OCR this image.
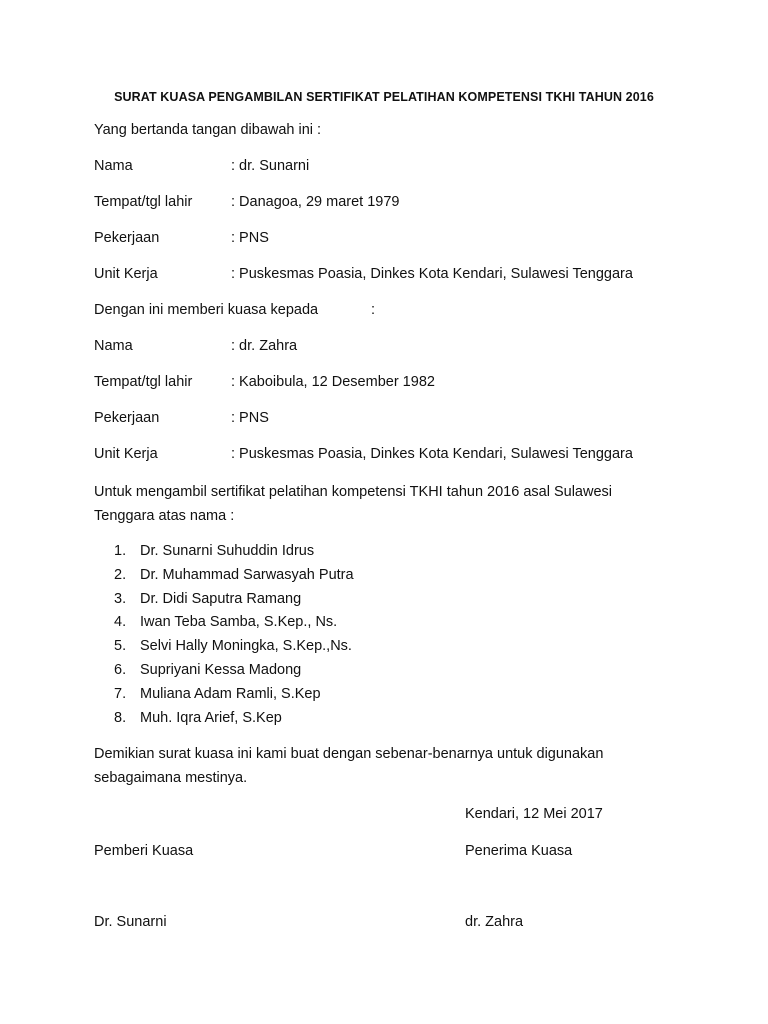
SURAT KUASA PENGAMBILAN SERTIFIKAT PELATIHAN KOMPETENSI TKHI TAHUN 2016
Yang bertanda tangan dibawah ini :
Nama	: dr. Sunarni
Tempat/tgl lahir	: Danagoa, 29 maret 1979
Pekerjaan	: PNS
Unit Kerja	: Puskesmas Poasia, Dinkes Kota Kendari, Sulawesi Tenggara
Dengan ini memberi kuasa kepada	:
Nama	: dr. Zahra
Tempat/tgl lahir	: Kaboibula, 12 Desember 1982
Pekerjaan	: PNS
Unit Kerja	: Puskesmas Poasia, Dinkes Kota Kendari, Sulawesi Tenggara
Untuk mengambil sertifikat pelatihan kompetensi TKHI tahun 2016 asal Sulawesi Tenggara atas nama :
1. Dr. Sunarni Suhuddin Idrus
2. Dr. Muhammad Sarwasyah Putra
3. Dr. Didi Saputra Ramang
4. Iwan Teba Samba, S.Kep., Ns.
5. Selvi Hally Moningka, S.Kep.,Ns.
6. Supriyani Kessa Madong
7. Muliana Adam Ramli, S.Kep
8. Muh. Iqra Arief, S.Kep
Demikian surat kuasa ini kami buat dengan sebenar-benarnya untuk digunakan sebagaimana mestinya.
Kendari, 12 Mei 2017
Pemberi Kuasa	Penerima Kuasa
Dr. Sunarni	dr. Zahra
